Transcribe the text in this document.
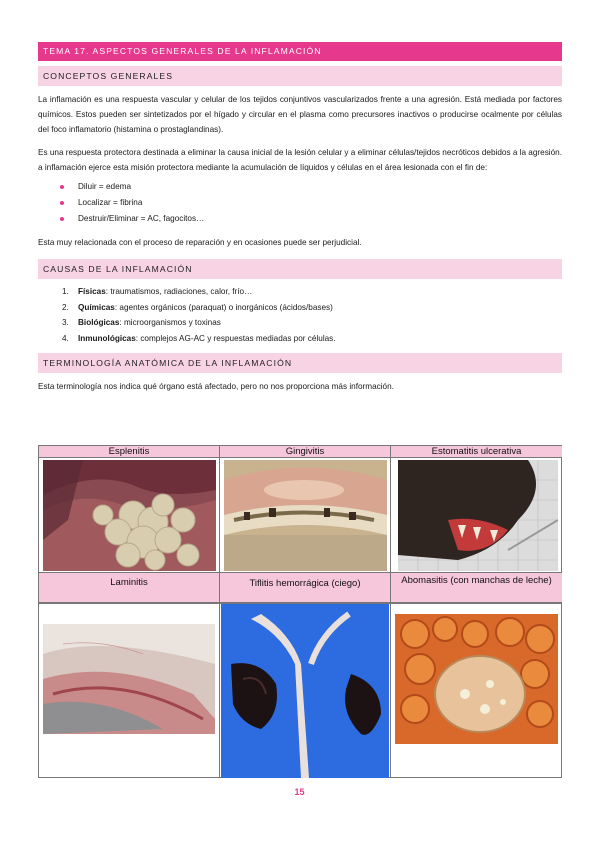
TEMA 17. ASPECTOS GENERALES DE LA INFLAMACIÓN
CONCEPTOS GENERALES

La inflamación es una respuesta vascular y celular de los tejidos conjuntivos vascularizados frente a una agresión. Está mediada por factores químicos. Estos pueden ser sintetizados por el hígado y circular en el plasma como precursores inactivos o producirse ocalmente por células del foco inflamatorio (histamina o prostaglandinas).

Es una respuesta protectora destinada a eliminar la causa inicial de la lesión celular y a eliminar células/tejidos necróticos debidos a la agresión. a inflamación ejerce esta misión protectora mediante la acumulación de líquidos y células en el área lesionada con el fin de:

Diluir = edema
Localizar = fibrina
Destruir/Eliminar = AC, fagocitos…

Esta muy relacionada con el proceso de reparación y en ocasiones puede ser perjudicial.

CAUSAS DE LA INFLAMACIÓN
1. Físicas: traumatismos, radiaciones, calor, frío…
2. Químicas: agentes orgánicos (paraquat) o inorgánicos (ácidos/bases)
3. Biológicas: microorganismos y toxinas
4. Inmunológicas: complejos AG-AC y respuestas mediadas por células.
TERMINOLOGÍA ANATÓMICA DE LA INFLAMACIÓN

Esta terminología nos indica qué órgano está afectado, pero no nos proporciona más información.

Esplenitis	Gingivitis	Estomatitis ulcerativa
Laminitis	Tiflitis hemorrágica (ciego)	Abomasitis (con manchas de leche)
15
